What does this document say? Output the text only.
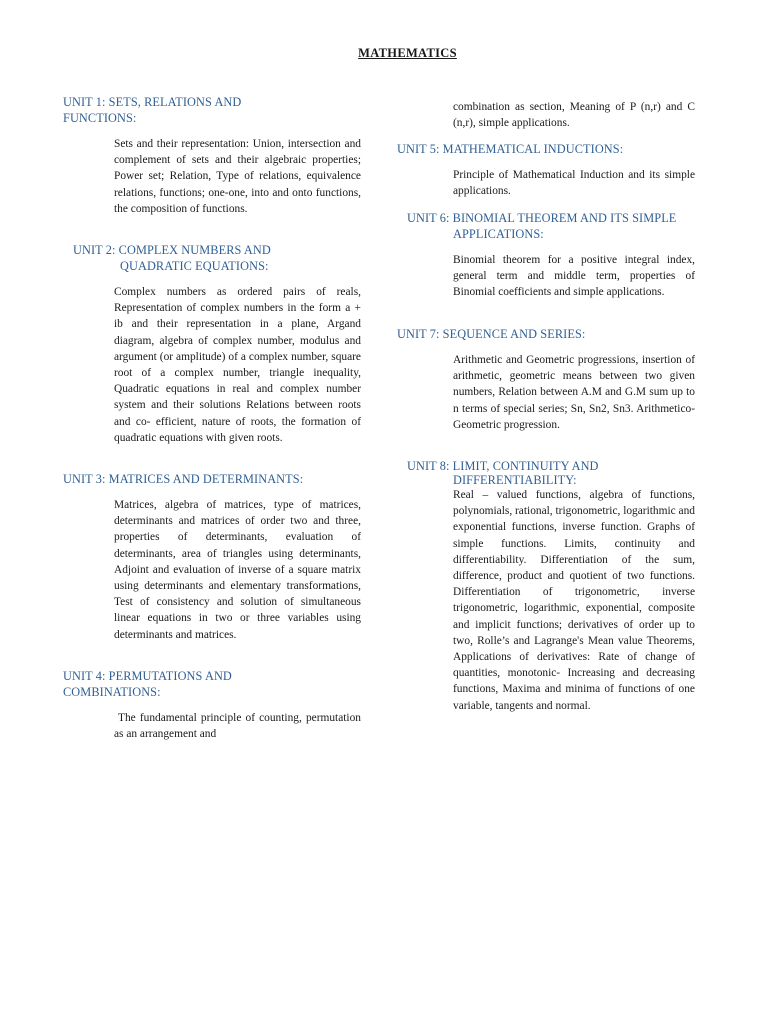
MATHEMATICS
UNIT 1: SETS, RELATIONS AND
FUNCTIONS:
Sets and their representation: Union, intersection and complement of sets and their algebraic properties; Power set; Relation, Type of relations, equivalence relations, functions; one-one, into and onto functions, the composition of functions.
UNIT 2: COMPLEX NUMBERS AND
QUADRATIC EQUATIONS:
Complex numbers as ordered pairs of reals, Representation of complex numbers in the form a + ib and their representation in a plane, Argand diagram, algebra of complex number, modulus and argument (or amplitude) of a complex number, square root of a complex number, triangle inequality, Quadratic equations in real and complex number system and their solutions Relations between roots and co- efficient, nature of roots, the formation of quadratic equations with given roots.
UNIT 3: MATRICES AND DETERMINANTS:
Matrices, algebra of matrices, type of matrices, determinants and matrices of order two and three, properties of determinants, evaluation of determinants, area of triangles using determinants, Adjoint and evaluation of inverse of a square matrix using determinants and elementary transformations, Test of consistency and solution of simultaneous linear equations in two or three variables using determinants and matrices.
UNIT 4: PERMUTATIONS AND
COMBINATIONS:
The fundamental principle of counting, permutation as an arrangement and
combination as section, Meaning of P (n,r) and C (n,r), simple applications.
UNIT 5: MATHEMATICAL INDUCTIONS:
Principle of Mathematical Induction and its simple applications.
UNIT 6: BINOMIAL THEOREM AND ITS SIMPLE
APPLICATIONS:
Binomial theorem for a positive integral index, general term and middle term, properties of Binomial coefficients and simple applications.
UNIT 7: SEQUENCE AND SERIES:
Arithmetic and Geometric progressions, insertion of arithmetic, geometric means between two given numbers, Relation between A.M and G.M sum up to n terms of special series; Sn, Sn2, Sn3. Arithmetico-Geometric progression.
UNIT 8: LIMIT, CONTINUITY AND
DIFFERENTIABILITY:
Real – valued functions, algebra of functions, polynomials, rational, trigonometric, logarithmic and exponential functions, inverse function. Graphs of simple functions. Limits, continuity and differentiability. Differentiation of the sum, difference, product and quotient of two functions. Differentiation of trigonometric, inverse trigonometric, logarithmic, exponential, composite and implicit functions; derivatives of order up to two, Rolle’s and Lagrange's Mean value Theorems, Applications of derivatives: Rate of change of quantities, monotonic- Increasing and decreasing functions, Maxima and minima of functions of one variable, tangents and normal.
